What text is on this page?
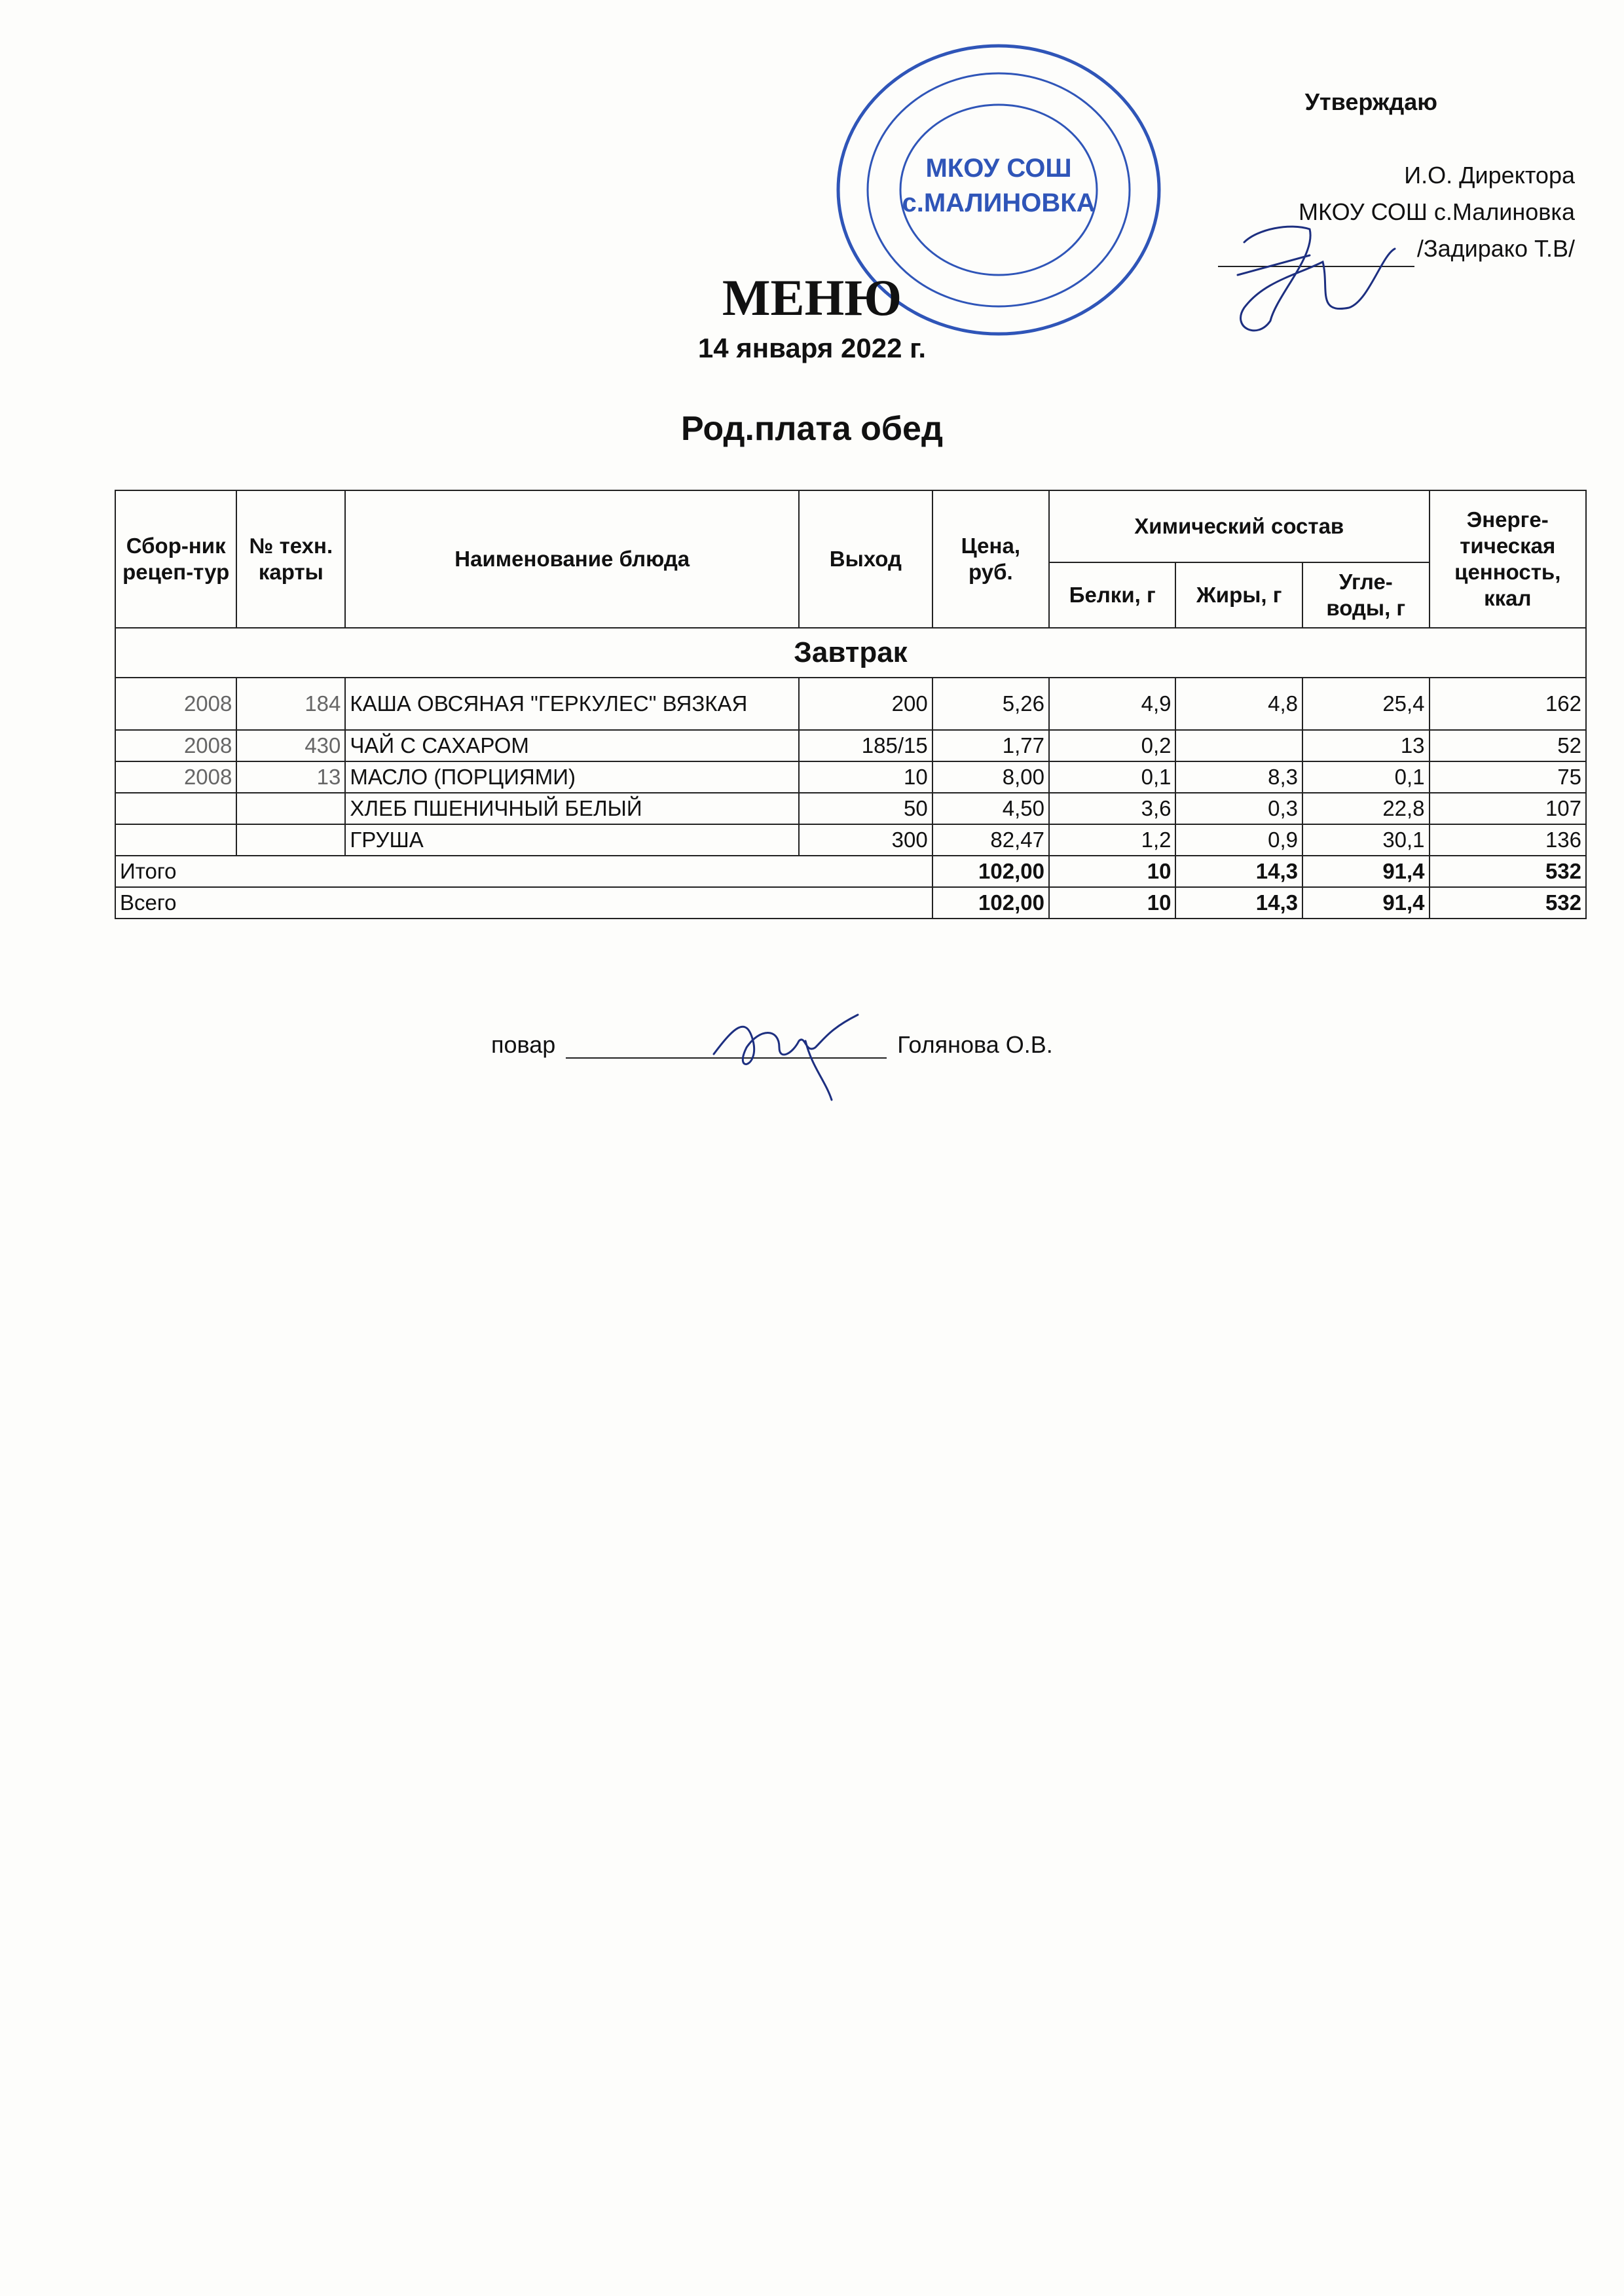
МКОУ СОШ
с.МАЛИНОВКА
Утверждаю
И.О. Директора
МКОУ СОШ с.Малиновка
/Задирако Т.В/
МЕНЮ
14 января 2022 г.
Род.плата обед
Сбор-ник рецеп-тур	№ техн. карты	Наименование блюда	Выход	Цена, руб.	Химический состав			Энерге-тическая ценность, ккал
					Белки, г	Жиры, г	Угле-воды, г	
Завтрак								
2008	184	КАША ОВСЯНАЯ "ГЕРКУЛЕС" ВЯЗКАЯ	200	5,26	4,9	4,8	25,4	162
2008	430	ЧАЙ С САХАРОМ	185/15	1,77	0,2		13	52
2008	13	МАСЛО (ПОРЦИЯМИ)	10	8,00	0,1	8,3	0,1	75
		ХЛЕБ ПШЕНИЧНЫЙ БЕЛЫЙ	50	4,50	3,6	0,3	22,8	107
		ГРУША	300	82,47	1,2	0,9	30,1	136
Итого				102,00	10	14,3	91,4	532
Всего				102,00	10	14,3	91,4	532
повар	Голянова О.В.
